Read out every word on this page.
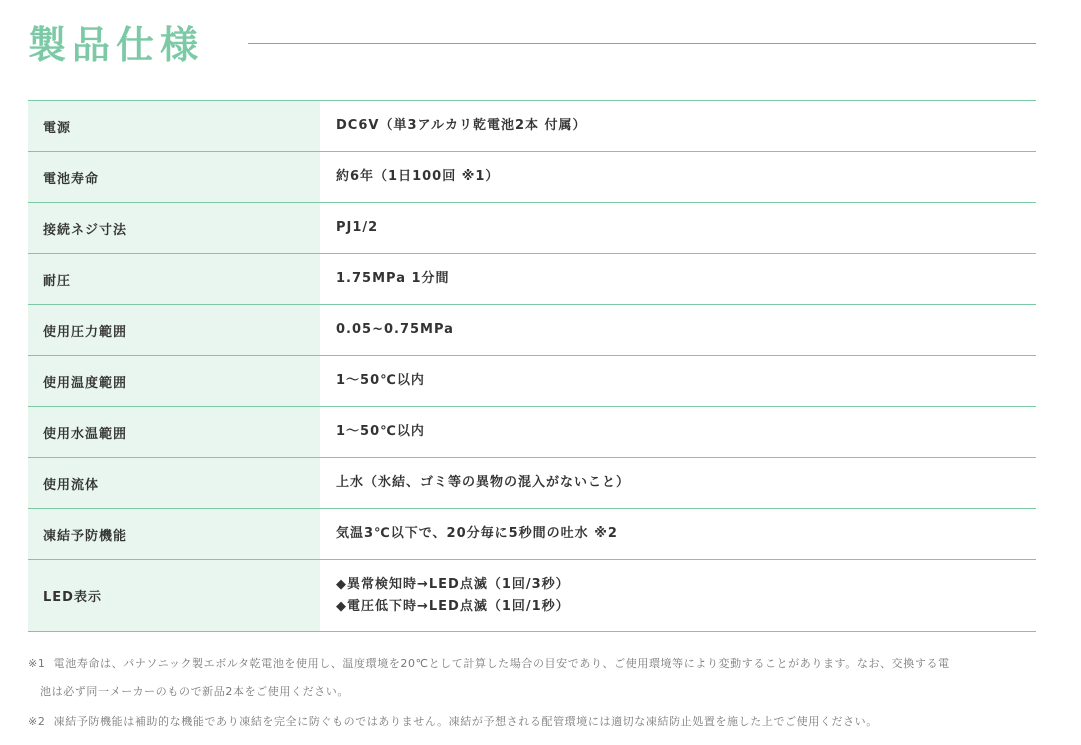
製品仕様
電源	DC6V（単3アルカリ乾電池2本 付属）

電池寿命	約6年（1日100回 ※1）

接続ネジ寸法	PJ1/2

耐圧	1.75MPa 1分間

使用圧力範囲	0.05~0.75MPa

使用温度範囲	1～50℃以内

使用水温範囲	1～50℃以内

使用流体	上水（氷結、ゴミ等の異物の混入がないこと）

凍結予防機能	気温3℃以下で、20分毎に5秒間の吐水 ※2

LED表示	◆異常検知時→LED点滅（1回/3秒）
◆電圧低下時→LED点滅（1回/1秒）

※1 電池寿命は、パナソニック製エボルタ乾電池を使用し、温度環境を20℃として計算した場合の目安であり、ご使用環境等により変動することがあります。なお、交換する電

池は必ず同一メーカーのもので新品2本をご使用ください。

※2 凍結予防機能は補助的な機能であり凍結を完全に防ぐものではありません。凍結が予想される配管環境には適切な凍結防止処置を施した上でご使用ください。
